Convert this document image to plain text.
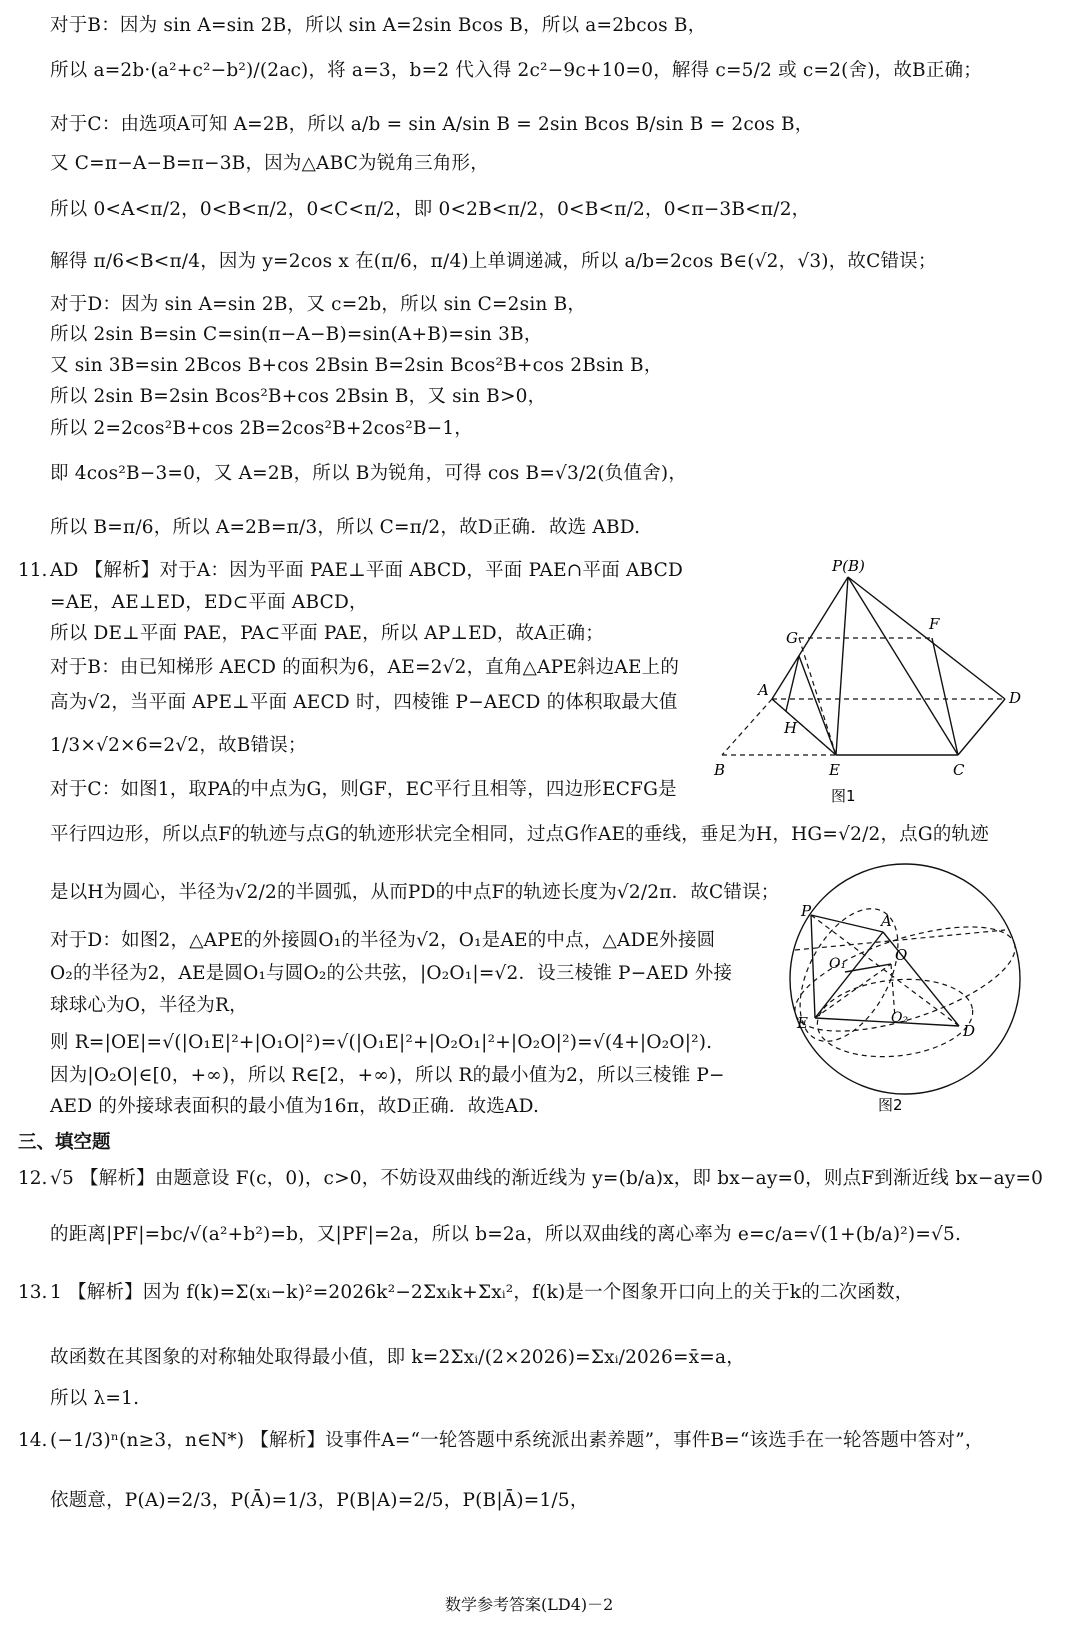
对于B：因为 sin A=sin 2B，所以 sin A=2sin Bcos B，所以 a=2bcos B，
所以 a=2b·(a²+c²−b²)/(2ac)，将 a=3，b=2 代入得 2c²−9c+10=0，解得 c=5/2 或 c=2(舍)，故B正确；
对于C：由选项A可知 A=2B，所以 a/b = sin A/sin B = 2sin Bcos B/sin B = 2cos B，
又 C=π−A−B=π−3B，因为△ABC为锐角三角形，
所以 0<A<π/2，0<B<π/2，0<C<π/2，即 0<2B<π/2，0<B<π/2，0<π−3B<π/2，
解得 π/6<B<π/4，因为 y=2cos x 在(π/6，π/4)上单调递减，所以 a/b=2cos B∈(√2，√3)，故C错误；
对于D：因为 sin A=sin 2B，又 c=2b，所以 sin C=2sin B，
所以 2sin B=sin C=sin(π−A−B)=sin(A+B)=sin 3B，
又 sin 3B=sin 2Bcos B+cos 2Bsin B=2sin Bcos²B+cos 2Bsin B，
所以 2sin B=2sin Bcos²B+cos 2Bsin B，又 sin B>0，
所以 2=2cos²B+cos 2B=2cos²B+2cos²B−1，
即 4cos²B−3=0，又 A=2B，所以 B为锐角，可得 cos B=√3/2(负值舍)，
所以 B=π/6，所以 A=2B=π/3，所以 C=π/2，故D正确．故选 ABD.
11. AD 【解析】对于A：因为平面 PAE⊥平面 ABCD，平面 PAE∩平面 ABCD
=AE，AE⊥ED，ED⊂平面 ABCD，
所以 DE⊥平面 PAE，PA⊂平面 PAE，所以 AP⊥ED，故A正确；
对于B：由已知梯形 AECD 的面积为6，AE=2√2，直角△APE斜边AE上的
高为√2，当平面 APE⊥平面 AECD 时，四棱锥 P−AECD 的体积取最大值
1/3×√2×6=2√2，故B错误；
对于C：如图1，取PA的中点为G，则GF，EC平行且相等，四边形ECFG是
平行四边形，所以点F的轨迹与点G的轨迹形状完全相同，过点G作AE的垂线，垂足为H，HG=√2/2，点G的轨迹
是以H为圆心，半径为√2/2的半圆弧，从而PD的中点F的轨迹长度为√2/2π．故C错误；
对于D：如图2，△APE的外接圆O₁的半径为√2，O₁是AE的中点，△ADE外接圆
O₂的半径为2，AE是圆O₁与圆O₂的公共弦，|O₂O₁|=√2．设三棱锥 P−AED 外接
球球心为O，半径为R，
则 R=|OE|=√(|O₁E|²+|O₁O|²)=√(|O₁E|²+|O₂O₁|²+|O₂O|²)=√(4+|O₂O|²).
因为|O₂O|∈[0，+∞)，所以 R∈[2，+∞)，所以 R的最小值为2，所以三棱锥 P−
AED 的外接球表面积的最小值为16π，故D正确．故选AD.
三、填空题
12. √5 【解析】由题意设 F(c，0)，c>0，不妨设双曲线的渐近线为 y=(b/a)x，即 bx−ay=0，则点F到渐近线 bx−ay=0
的距离|PF|=bc/√(a²+b²)=b，又|PF|=2a，所以 b=2a，所以双曲线的离心率为 e=c/a=√(1+(b/a)²)=√5.
13. 1 【解析】因为 f(k)=Σ(xᵢ−k)²=2026k²−2Σxᵢk+Σxᵢ²，f(k)是一个图象开口向上的关于k的二次函数，
故函数在其图象的对称轴处取得最小值，即 k=2Σxᵢ/(2×2026)=Σxᵢ/2026=x̄=a，
所以 λ=1.
14. (−1/3)ⁿ(n≥3，n∈N*) 【解析】设事件A=“一轮答题中系统派出素养题”，事件B=“该选手在一轮答题中答对”，
依题意，P(A)=2/3，P(Ā)=1/3，P(B|A)=2/5，P(B|Ā)=1/5，
数学参考答案(LD4)－2
P(B)
G
F
A
H
D
B	E	C
图1
P
A
O₁	O
E	O₂
D
图2
